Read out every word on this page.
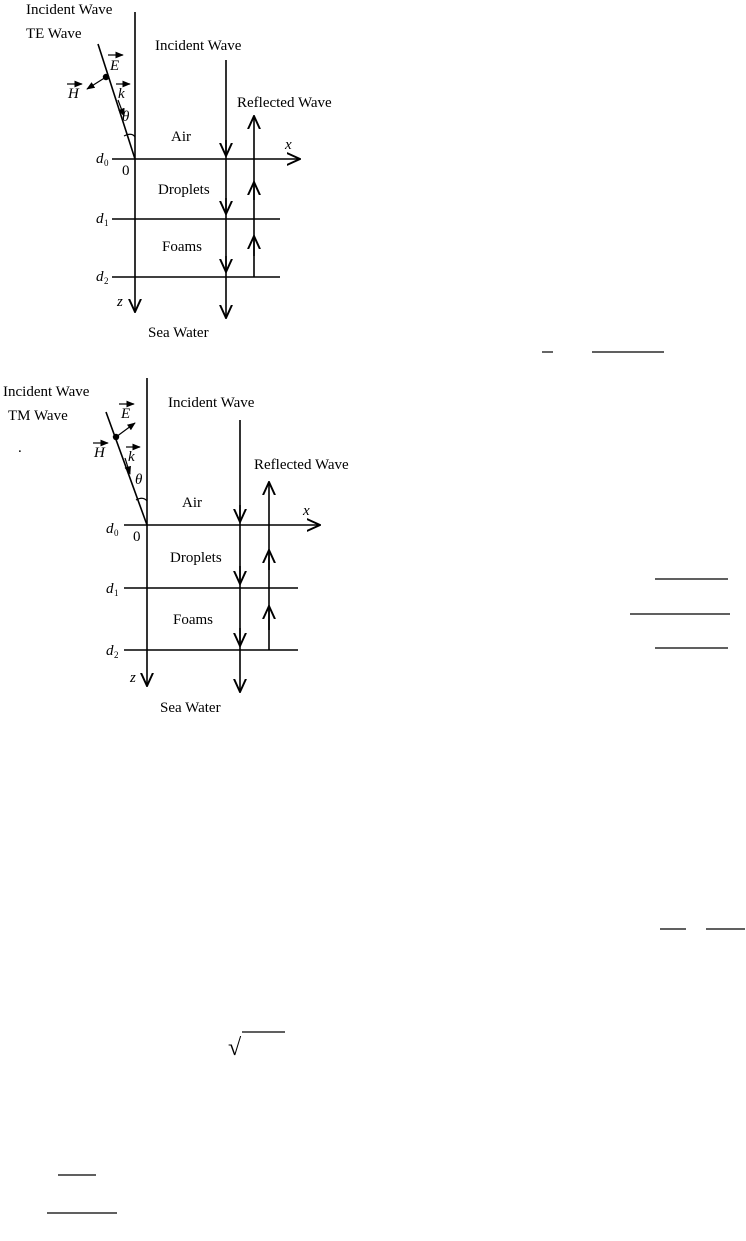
Incident Wave
TE Wave
Incident Wave
Reflected Wave
z
x
0
d 0
d 1
d 2
Air
Droplets
Foams
Sea Water
E
H	k
θ
Incident Wave
TM Wave
.
Incident Wave
Reflected Wave
z
x
0
d 0
d 1
d 2
Air
Droplets
Foams
Sea Water
E
H k
θ
√
